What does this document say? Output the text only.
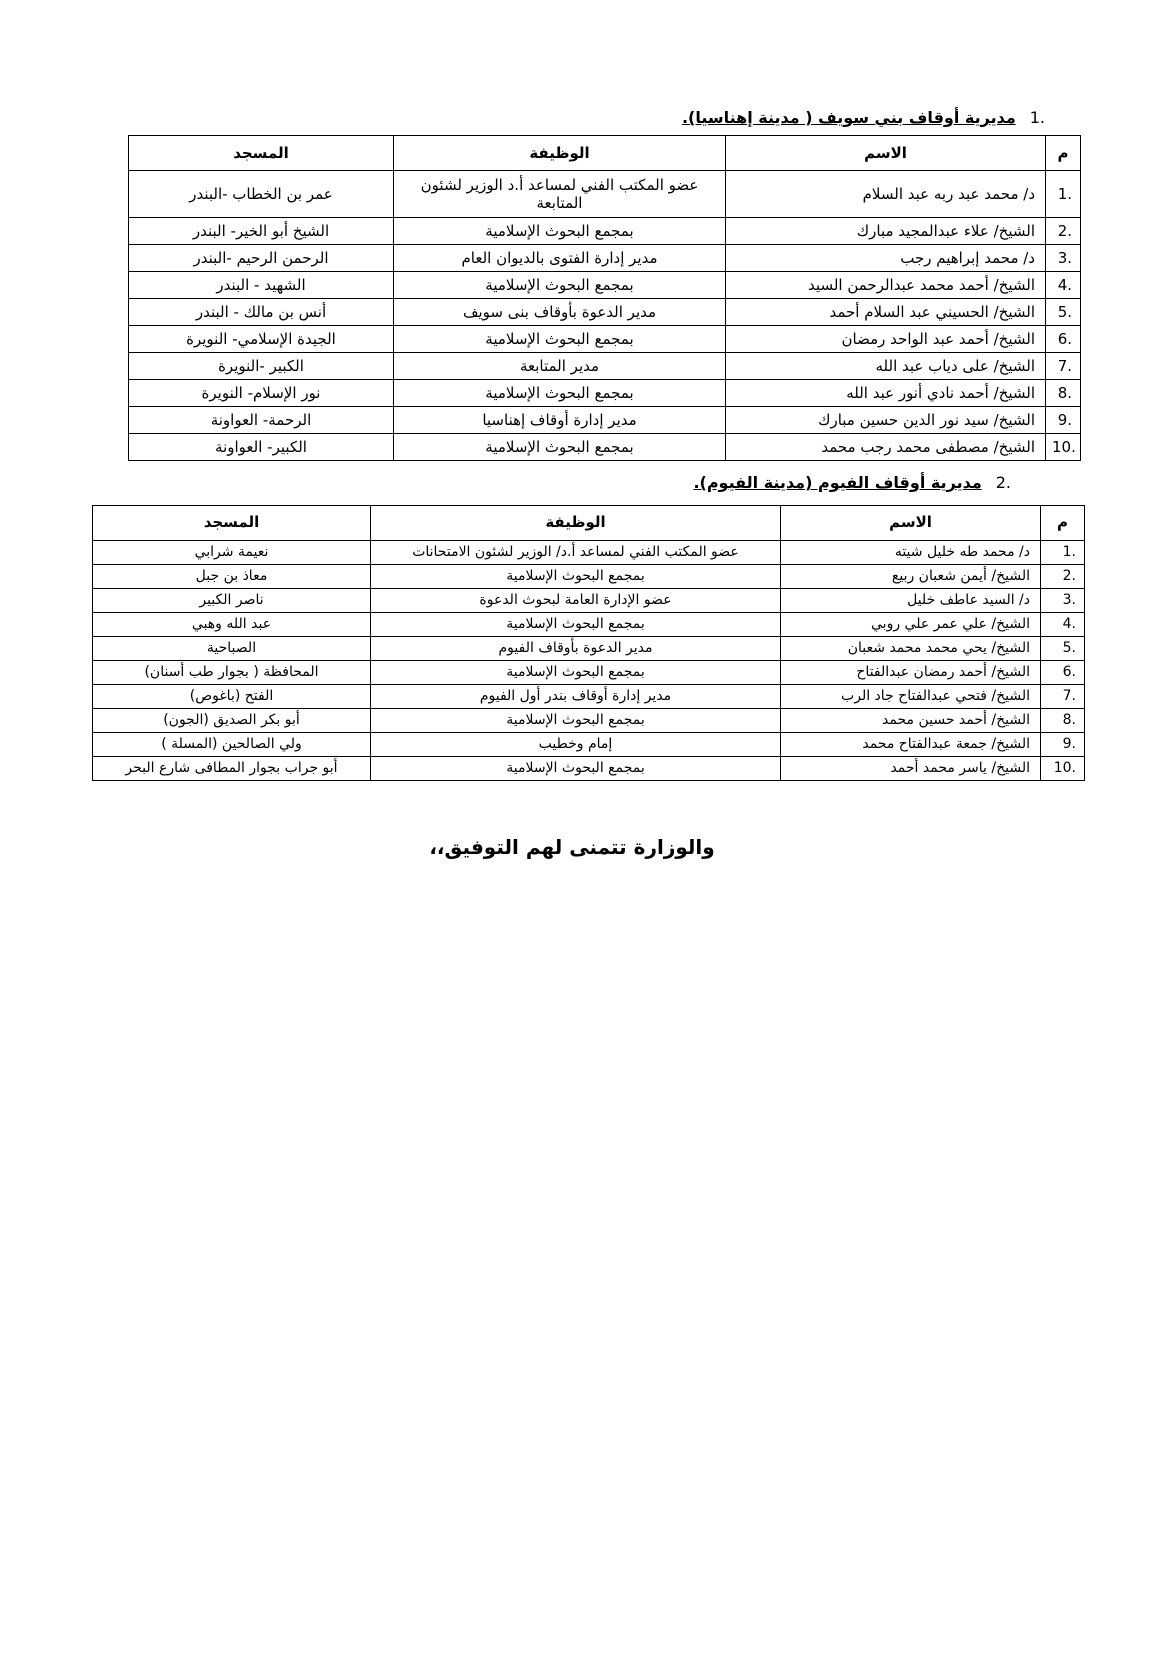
1.
مديرية أوقاف بني سويف ( مدينة إهناسيا).
م	الاسم	الوظيفة	المسجد
1.	د/ محمد عبد ربه عبد السلام	عضو المكتب الفني لمساعد أ.د الوزير لشئون المتابعة	عمر بن الخطاب -البندر
2.	الشيخ/ علاء عبدالمجيد مبارك	بمجمع البحوث الإسلامية	الشيخ أبو الخير- البندر
3.	د/ محمد إبراهيم رجب	مدير إدارة الفتوى بالديوان العام	الرحمن الرحيم -البندر
4.	الشيخ/ أحمد محمد عبدالرحمن السيد	بمجمع البحوث الإسلامية	الشهيد - البندر
5.	الشيخ/ الحسيني عبد السلام أحمد	مدير الدعوة بأوقاف بنى سويف	أنس بن مالك - البندر
6.	الشيخ/ أحمد عبد الواحد رمضان	بمجمع البحوث الإسلامية	الجيدة الإسلامي- النويرة
7.	الشيخ/ على دياب عبد الله	مدير المتابعة	الكبير -النويرة
8.	الشيخ/ أحمد نادي أنور عبد الله	بمجمع البحوث الإسلامية	نور الإسلام- النويرة
9.	الشيخ/ سيد نور الدين حسين مبارك	مدير إدارة أوقاف إهناسيا	الرحمة- العواونة
10.	الشيخ/ مصطفى محمد رجب محمد	بمجمع البحوث الإسلامية	الكبير- العواونة
2.
مديرية أوقاف الفيوم (مدينة الفيوم).
م	الاسم	الوظيفة	المسجد
1.	د/ محمد طه خليل شيته	عضو المكتب الفني لمساعد أ.د/ الوزير لشئون الامتحانات	نعيمة شرابي
2.	الشيخ/ أيمن شعبان ربيع	بمجمع البحوث الإسلامية	معاذ بن جبل
3.	د/ السيد عاطف خليل	عضو الإدارة العامة لبحوث الدعوة	ناصر الكبير
4.	الشيخ/ علي عمر علي روبي	بمجمع البحوث الإسلامية	عبد الله وهبي
5.	الشيخ/ يحي محمد محمد شعبان	مدير الدعوة بأوقاف الفيوم	الصباحية
6.	الشيخ/ أحمد رمضان عبدالفتاح	بمجمع البحوث الإسلامية	المحافظة ( بجوار طب أسنان)
7.	الشيخ/ فتحي عبدالفتاح جاد الرب	مدير إدارة أوقاف بندر أول الفيوم	الفتح (باغوص)
8.	الشيخ/ أحمد حسين محمد	بمجمع البحوث الإسلامية	أبو بكر الصديق (الجون)
9.	الشيخ/ جمعة عبدالفتاح محمد	إمام وخطيب	ولي الصالحين (المسلة )
10.	الشيخ/ ياسر محمد أحمد	بمجمع البحوث الإسلامية	أبو جراب بجوار المطافى شارع البحر
والوزارة تتمنى لهم التوفيق،،
